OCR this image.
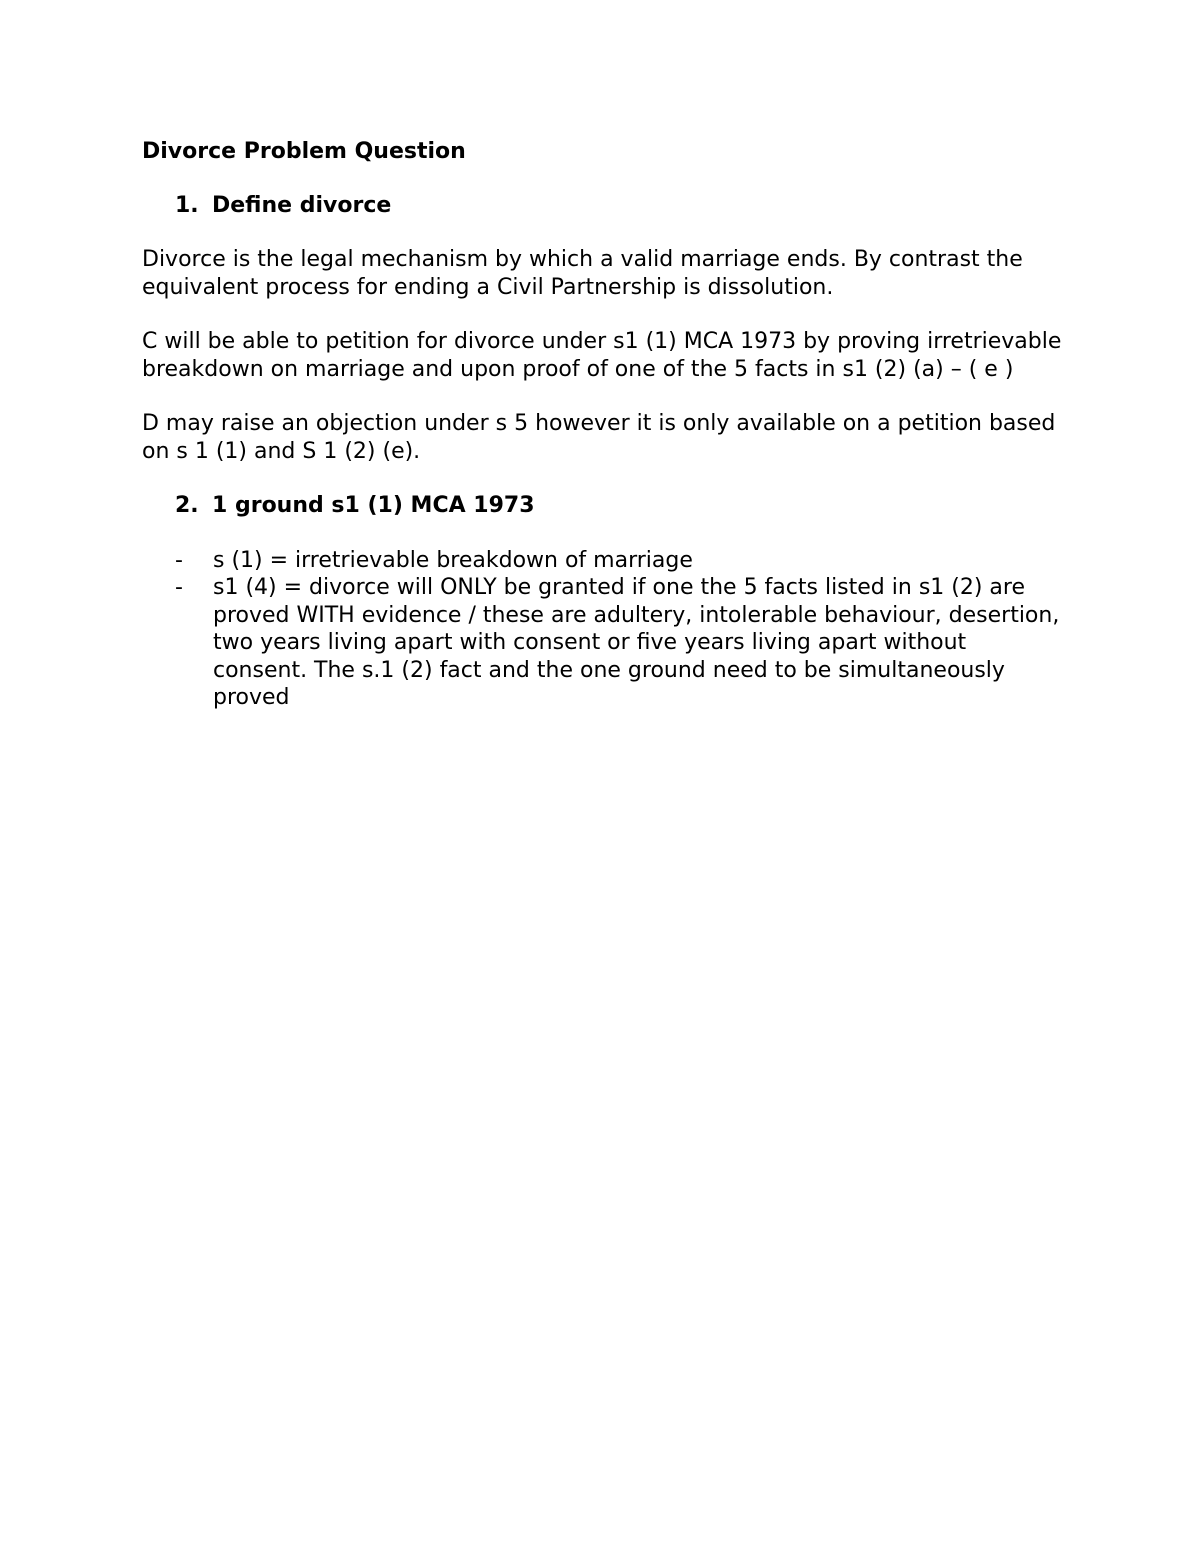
Divorce Problem Question
1. Define divorce

Divorce is the legal mechanism by which a valid marriage ends. By contrast the equivalent process for ending a Civil Partnership is dissolution.

C will be able to petition for divorce under s1 (1) MCA 1973 by proving irretrievable breakdown on marriage and upon proof of one of the 5 facts in s1 (2) (a) – ( e )

D may raise an objection under s 5 however it is only available on a petition based on s 1 (1) and S 1 (2) (e).

2. 1 ground s1 (1) MCA 1973
- s (1) = irretrievable breakdown of marriage
- s1 (4) = divorce will ONLY be granted if one the 5 facts listed in s1 (2) are proved WITH evidence / these are adultery, intolerable behaviour, desertion, two years living apart with consent or five years living apart without consent. The s.1 (2) fact and the one ground need to be simultaneously proved
